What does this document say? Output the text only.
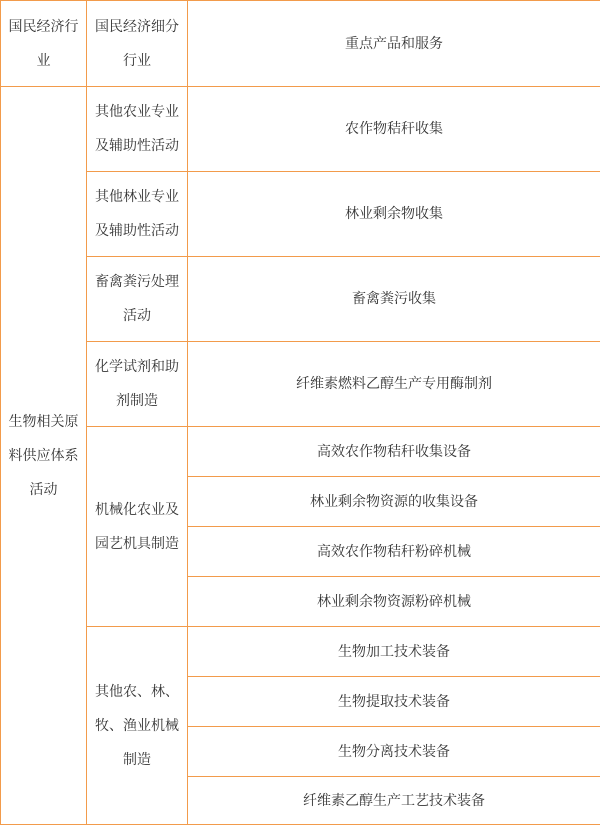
国民经济行业	国民经济细分行业	重点产品和服务
生物相关原料供应体系活动	其他农业专业及辅助性活动	农作物秸秆收集
	其他林业专业及辅助性活动	林业剩余物收集
	畜禽粪污处理活动	畜禽粪污收集
	化学试剂和助剂制造	纤维素燃料乙醇生产专用酶制剂
	机械化农业及园艺机具制造	高效农作物秸秆收集设备
		林业剩余物资源的收集设备
		高效农作物秸秆粉碎机械
		林业剩余物资源粉碎机械
	其他农、林、牧、渔业机械制造	生物加工技术装备
		生物提取技术装备
		生物分离技术装备
		纤维素乙醇生产工艺技术装备
